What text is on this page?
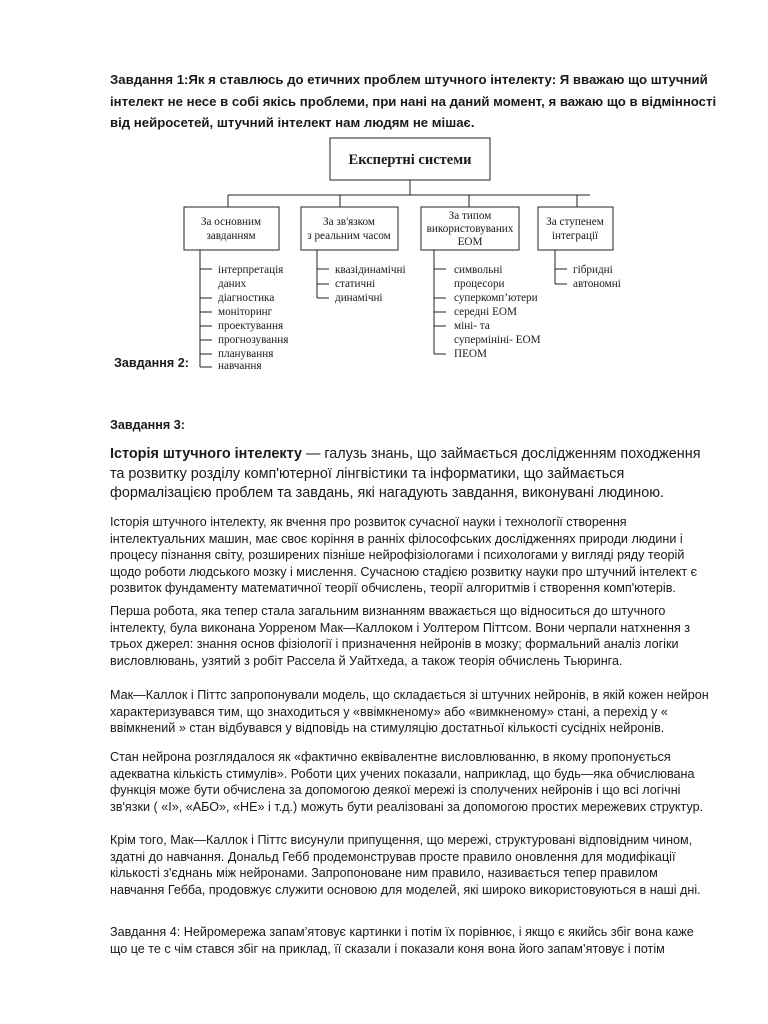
Завдання 1:Як я ставлюсь до етичних проблем штучного інтелекту: Я вважаю що штучний інтелект не несе в собі якісь проблеми, при нані на даний момент, я важаю що в відмінності від нейросетей, штучний інтелект нам людям не мішає.
Експертні системи
За основним
завданням
За зв'язком
з реальним часом
За типом
використовуваних
ЕОМ
За ступенем
інтеграції
інтерпретація
даних
діагностика
моніторинг
проектування
прогнозування
планування
навчання
квазідинамічні
статичні
динамічні
символьні
процесори
суперкомп’ютери
середні ЕОМ
міні- та
супермініні- ЕОМ
ПЕОМ
гібридні
автономні
Завдання 2:
Завдання 3:
Історія штучного інтелекту — галузь знань, що займається дослідженням походження та розвитку розділу комп'ютерної лінгвістики та інформатики, що займається формалізацією проблем та завдань, які нагадують завдання, виконувані людиною.
Історія штучного інтелекту, як вчення про розвиток сучасної науки і технології створення інтелектуальних машин, має своє коріння в ранніх філософських дослідженнях природи людини і процесу пізнання світу, розширених пізніше нейрофізіологами і психологами у вигляді ряду теорій щодо роботи людського мозку і мислення. Сучасною стадією розвитку науки про штучний інтелект є розвиток фундаменту математичної теорії обчислень, теорії алгоритмів і створення комп'ютерів.
Перша робота, яка тепер стала загальним визнанням вважається що відноситься до штучного інтелекту, була виконана Уорреном Мак—Каллоком і Уолтером Піттсом. Вони черпали натхнення з трьох джерел: знання основ фізіології і призначення нейронів в мозку; формальний аналіз логіки висловлювань, узятий з робіт Рассела й Уайтхеда, а також теорія обчислень Тьюринга.
Мак—Каллок і Піттс запропонували модель, що складається зі штучних нейронів, в якій кожен нейрон характеризувався тим, що знаходиться у «ввімкненому» або «вимкненому» стані, а перехід у « ввімкнений » стан відбувався у відповідь на стимуляцію достатньої кількості сусідніх нейронів.
Стан нейрона розглядалося як «фактично еквівалентне висловлюванню, в якому пропонується адекватна кількість стимулів». Роботи цих учених показали, наприклад, що будь—яка обчислювана функція може бути обчислена за допомогою деякої мережі із сполучених нейронів і що всі логічні зв'язки ( «І», «АБО», «НЕ» і т.д.) можуть бути реалізовані за допомогою простих мережевих структур.
Крім того, Мак—Каллок і Піттс висунули припущення, що мережі, структуровані відповідним чином, здатні до навчання. Дональд Гебб продемонстрував просте правило оновлення для модифікації кількості з'єднань між нейронами. Запропоноване ним правило, називається тепер правилом навчання Гебба, продовжує служити основою для моделей, які широко використовуються в наші дні.
Завдання 4: Нейромережа запам’ятовує картинки і потім їх порівнює, і якщо є якийсь збіг вона каже що це те с чім стався збіг на приклад, її сказали і показали коня вона його запам’ятовує і потім
